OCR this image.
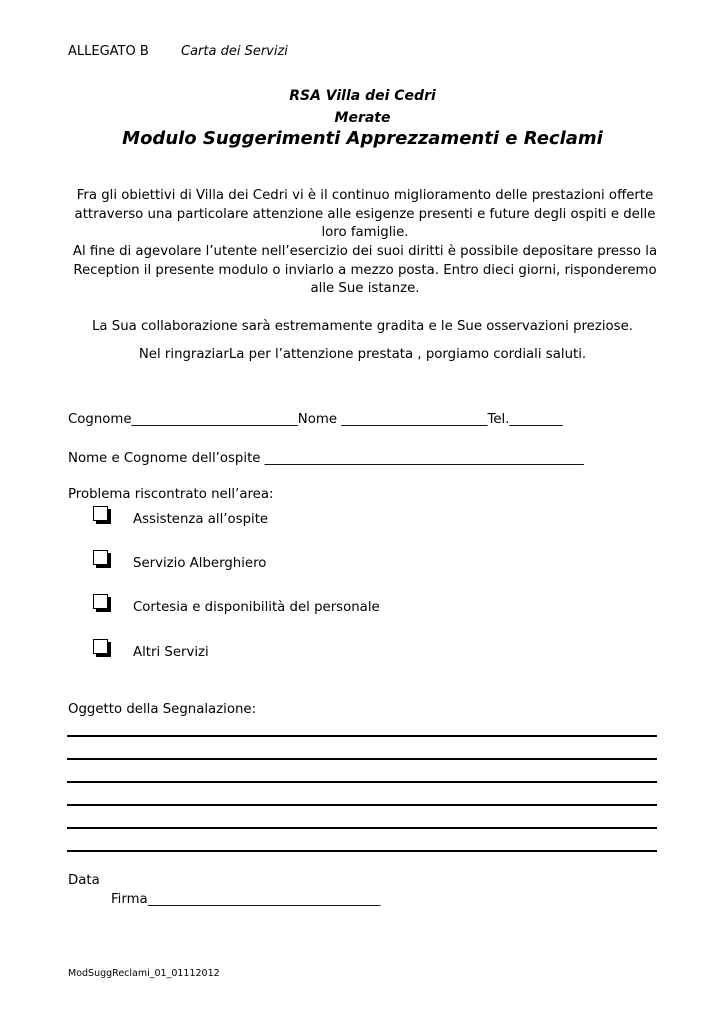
ALLEGATO B Carta dei Servizi
RSA Villa dei Cedri
Merate
Modulo Suggerimenti Apprezzamenti e Reclami
Fra gli obiettivi di Villa dei Cedri vi è il continuo miglioramento delle prestazioni offerte attraverso una particolare attenzione alle esigenze presenti e future degli ospiti e delle loro famiglie.
Al fine di agevolare l’utente nell’esercizio dei suoi diritti è possibile depositare presso la Reception il presente modulo o inviarlo a mezzo posta. Entro dieci giorni, risponderemo alle Sue istanze.
La Sua collaborazione sarà estremamente gradita e le Sue osservazioni preziose.
Nel ringraziarLa per l’attenzione prestata , porgiamo cordiali saluti.
Cognome_________________________Nome ______________________Tel.________
Nome e Cognome dell’ospite ________________________________________________
Problema riscontrato nell’area:
Assistenza all’ospite
Servizio Alberghiero
Cortesia e disponibilità del personale
Altri Servizi
Oggetto della Segnalazione:
Data
Firma___________________________________
ModSuggReclami_01_01112012
